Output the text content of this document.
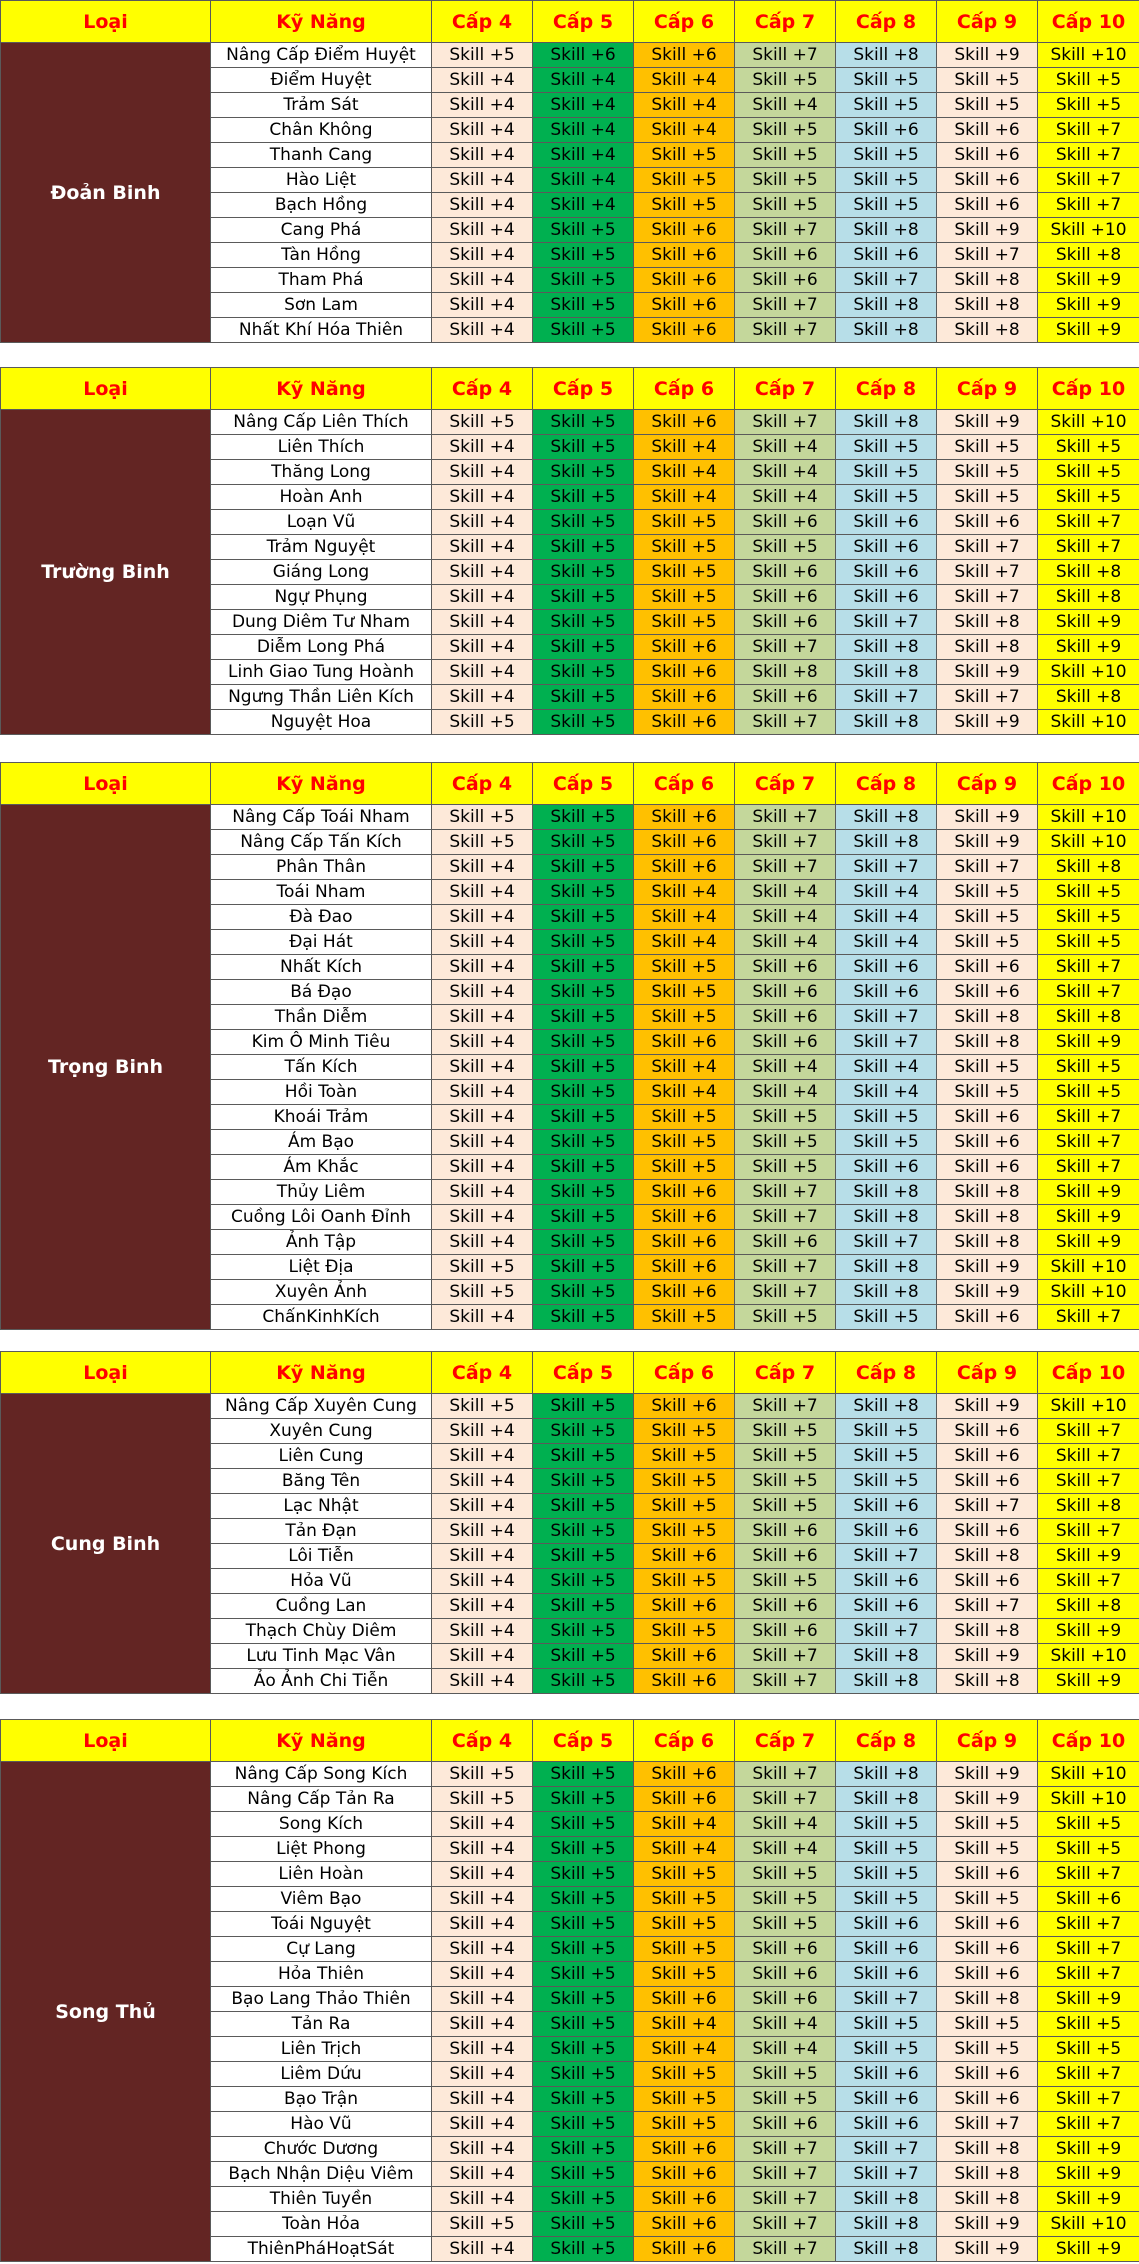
Loại	Kỹ Năng	Cấp 4	Cấp 5	Cấp 6	Cấp 7	Cấp 8	Cấp 9	Cấp 10
Đoản Binh	Nâng Cấp Điểm Huyệt	Skill +5	Skill +6	Skill +6	Skill +7	Skill +8	Skill +9	Skill +10
	Điểm Huyệt	Skill +4	Skill +4	Skill +4	Skill +5	Skill +5	Skill +5	Skill +5
	Trảm Sát	Skill +4	Skill +4	Skill +4	Skill +4	Skill +5	Skill +5	Skill +5
	Chân Không	Skill +4	Skill +4	Skill +4	Skill +5	Skill +6	Skill +6	Skill +7
	Thanh Cang	Skill +4	Skill +4	Skill +5	Skill +5	Skill +5	Skill +6	Skill +7
	Hào Liệt	Skill +4	Skill +4	Skill +5	Skill +5	Skill +5	Skill +6	Skill +7
	Bạch Hồng	Skill +4	Skill +4	Skill +5	Skill +5	Skill +5	Skill +6	Skill +7
	Cang Phá	Skill +4	Skill +5	Skill +6	Skill +7	Skill +8	Skill +9	Skill +10
	Tàn Hồng	Skill +4	Skill +5	Skill +6	Skill +6	Skill +6	Skill +7	Skill +8
	Tham Phá	Skill +4	Skill +5	Skill +6	Skill +6	Skill +7	Skill +8	Skill +9
	Sơn Lam	Skill +4	Skill +5	Skill +6	Skill +7	Skill +8	Skill +8	Skill +9
	Nhất Khí Hóa Thiên	Skill +4	Skill +5	Skill +6	Skill +7	Skill +8	Skill +8	Skill +9
Loại	Kỹ Năng	Cấp 4	Cấp 5	Cấp 6	Cấp 7	Cấp 8	Cấp 9	Cấp 10
Trường Binh	Nâng Cấp Liên Thích	Skill +5	Skill +5	Skill +6	Skill +7	Skill +8	Skill +9	Skill +10
	Liên Thích	Skill +4	Skill +5	Skill +4	Skill +4	Skill +5	Skill +5	Skill +5
	Thăng Long	Skill +4	Skill +5	Skill +4	Skill +4	Skill +5	Skill +5	Skill +5
	Hoàn Anh	Skill +4	Skill +5	Skill +4	Skill +4	Skill +5	Skill +5	Skill +5
	Loạn Vũ	Skill +4	Skill +5	Skill +5	Skill +6	Skill +6	Skill +6	Skill +7
	Trảm Nguyệt	Skill +4	Skill +5	Skill +5	Skill +5	Skill +6	Skill +7	Skill +7
	Giáng Long	Skill +4	Skill +5	Skill +5	Skill +6	Skill +6	Skill +7	Skill +8
	Ngự Phụng	Skill +4	Skill +5	Skill +5	Skill +6	Skill +6	Skill +7	Skill +8
	Dung Diêm Tư Nham	Skill +4	Skill +5	Skill +5	Skill +6	Skill +7	Skill +8	Skill +9
	Diễm Long Phá	Skill +4	Skill +5	Skill +6	Skill +7	Skill +8	Skill +8	Skill +9
	Linh Giao Tung Hoành	Skill +4	Skill +5	Skill +6	Skill +8	Skill +8	Skill +9	Skill +10
	Ngưng Thần Liên Kích	Skill +4	Skill +5	Skill +6	Skill +6	Skill +7	Skill +7	Skill +8
	Nguyệt Hoa	Skill +5	Skill +5	Skill +6	Skill +7	Skill +8	Skill +9	Skill +10
Loại	Kỹ Năng	Cấp 4	Cấp 5	Cấp 6	Cấp 7	Cấp 8	Cấp 9	Cấp 10
Trọng Binh	Nâng Cấp Toái Nham	Skill +5	Skill +5	Skill +6	Skill +7	Skill +8	Skill +9	Skill +10
	Nâng Cấp Tấn Kích	Skill +5	Skill +5	Skill +6	Skill +7	Skill +8	Skill +9	Skill +10
	Phân Thân	Skill +4	Skill +5	Skill +6	Skill +7	Skill +7	Skill +7	Skill +8
	Toái Nham	Skill +4	Skill +5	Skill +4	Skill +4	Skill +4	Skill +5	Skill +5
	Đà Đao	Skill +4	Skill +5	Skill +4	Skill +4	Skill +4	Skill +5	Skill +5
	Đại Hát	Skill +4	Skill +5	Skill +4	Skill +4	Skill +4	Skill +5	Skill +5
	Nhất Kích	Skill +4	Skill +5	Skill +5	Skill +6	Skill +6	Skill +6	Skill +7
	Bá Đạo	Skill +4	Skill +5	Skill +5	Skill +6	Skill +6	Skill +6	Skill +7
	Thần Diễm	Skill +4	Skill +5	Skill +5	Skill +6	Skill +7	Skill +8	Skill +8
	Kim Ô Minh Tiêu	Skill +4	Skill +5	Skill +6	Skill +6	Skill +7	Skill +8	Skill +9
	Tấn Kích	Skill +4	Skill +5	Skill +4	Skill +4	Skill +4	Skill +5	Skill +5
	Hồi Toàn	Skill +4	Skill +5	Skill +4	Skill +4	Skill +4	Skill +5	Skill +5
	Khoái Trảm	Skill +4	Skill +5	Skill +5	Skill +5	Skill +5	Skill +6	Skill +7
	Ám Bạo	Skill +4	Skill +5	Skill +5	Skill +5	Skill +5	Skill +6	Skill +7
	Ám Khắc	Skill +4	Skill +5	Skill +5	Skill +5	Skill +6	Skill +6	Skill +7
	Thủy Liêm	Skill +4	Skill +5	Skill +6	Skill +7	Skill +8	Skill +8	Skill +9
	Cuồng Lôi Oanh Đỉnh	Skill +4	Skill +5	Skill +6	Skill +7	Skill +8	Skill +8	Skill +9
	Ảnh Tập	Skill +4	Skill +5	Skill +6	Skill +6	Skill +7	Skill +8	Skill +9
	Liệt Địa	Skill +5	Skill +5	Skill +6	Skill +7	Skill +8	Skill +9	Skill +10
	Xuyên Ảnh	Skill +5	Skill +5	Skill +6	Skill +7	Skill +8	Skill +9	Skill +10
	ChấnKinhKích	Skill +4	Skill +5	Skill +5	Skill +5	Skill +5	Skill +6	Skill +7
Loại	Kỹ Năng	Cấp 4	Cấp 5	Cấp 6	Cấp 7	Cấp 8	Cấp 9	Cấp 10
Cung Binh	Nâng Cấp Xuyên Cung	Skill +5	Skill +5	Skill +6	Skill +7	Skill +8	Skill +9	Skill +10
	Xuyên Cung	Skill +4	Skill +5	Skill +5	Skill +5	Skill +5	Skill +6	Skill +7
	Liên Cung	Skill +4	Skill +5	Skill +5	Skill +5	Skill +5	Skill +6	Skill +7
	Băng Tên	Skill +4	Skill +5	Skill +5	Skill +5	Skill +5	Skill +6	Skill +7
	Lạc Nhật	Skill +4	Skill +5	Skill +5	Skill +5	Skill +6	Skill +7	Skill +8
	Tản Đạn	Skill +4	Skill +5	Skill +5	Skill +6	Skill +6	Skill +6	Skill +7
	Lôi Tiễn	Skill +4	Skill +5	Skill +6	Skill +6	Skill +7	Skill +8	Skill +9
	Hỏa Vũ	Skill +4	Skill +5	Skill +5	Skill +5	Skill +6	Skill +6	Skill +7
	Cuồng Lan	Skill +4	Skill +5	Skill +6	Skill +6	Skill +6	Skill +7	Skill +8
	Thạch Chùy Diêm	Skill +4	Skill +5	Skill +5	Skill +6	Skill +7	Skill +8	Skill +9
	Lưu Tinh Mạc Vân	Skill +4	Skill +5	Skill +6	Skill +7	Skill +8	Skill +9	Skill +10
	Ảo Ảnh Chi Tiễn	Skill +4	Skill +5	Skill +6	Skill +7	Skill +8	Skill +8	Skill +9
Loại	Kỹ Năng	Cấp 4	Cấp 5	Cấp 6	Cấp 7	Cấp 8	Cấp 9	Cấp 10
Song Thủ	Nâng Cấp Song Kích	Skill +5	Skill +5	Skill +6	Skill +7	Skill +8	Skill +9	Skill +10
	Nâng Cấp Tản Ra	Skill +5	Skill +5	Skill +6	Skill +7	Skill +8	Skill +9	Skill +10
	Song Kích	Skill +4	Skill +5	Skill +4	Skill +4	Skill +5	Skill +5	Skill +5
	Liệt Phong	Skill +4	Skill +5	Skill +4	Skill +4	Skill +5	Skill +5	Skill +5
	Liên Hoàn	Skill +4	Skill +5	Skill +5	Skill +5	Skill +5	Skill +6	Skill +7
	Viêm Bạo	Skill +4	Skill +5	Skill +5	Skill +5	Skill +5	Skill +5	Skill +6
	Toái Nguyệt	Skill +4	Skill +5	Skill +5	Skill +5	Skill +6	Skill +6	Skill +7
	Cự Lang	Skill +4	Skill +5	Skill +5	Skill +6	Skill +6	Skill +6	Skill +7
	Hỏa Thiên	Skill +4	Skill +5	Skill +5	Skill +6	Skill +6	Skill +6	Skill +7
	Bạo Lang Thảo Thiên	Skill +4	Skill +5	Skill +6	Skill +6	Skill +7	Skill +8	Skill +9
	Tản Ra	Skill +4	Skill +5	Skill +4	Skill +4	Skill +5	Skill +5	Skill +5
	Liên Trịch	Skill +4	Skill +5	Skill +4	Skill +4	Skill +5	Skill +5	Skill +5
	Liêm Dứu	Skill +4	Skill +5	Skill +5	Skill +5	Skill +6	Skill +6	Skill +7
	Bạo Trận	Skill +4	Skill +5	Skill +5	Skill +5	Skill +6	Skill +6	Skill +7
	Hào Vũ	Skill +4	Skill +5	Skill +5	Skill +6	Skill +6	Skill +7	Skill +7
	Chước Dương	Skill +4	Skill +5	Skill +6	Skill +7	Skill +7	Skill +8	Skill +9
	Bạch Nhận Diệu Viêm	Skill +4	Skill +5	Skill +6	Skill +7	Skill +7	Skill +8	Skill +9
	Thiên Tuyền	Skill +4	Skill +5	Skill +6	Skill +7	Skill +8	Skill +8	Skill +9
	Toàn Hỏa	Skill +5	Skill +5	Skill +6	Skill +7	Skill +8	Skill +9	Skill +10
	ThiênPháHoạtSát	Skill +4	Skill +5	Skill +6	Skill +7	Skill +8	Skill +9	Skill +9
